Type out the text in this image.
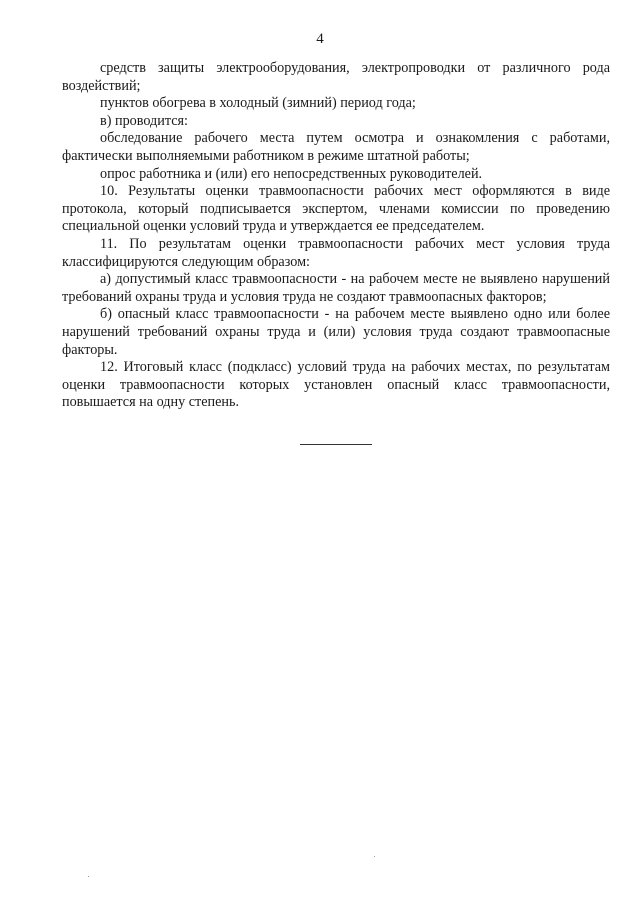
4

средств защиты электрооборудования, электропроводки от различного рода воздействий;

пунктов обогрева в холодный (зимний) период года;

в) проводится:

обследование рабочего места путем осмотра и ознакомления с работами, фактически выполняемыми работником в режиме штатной работы;

опрос работника и (или) его непосредственных руководителей.

10. Результаты оценки травмоопасности рабочих мест оформляются в виде протокола, который подписывается экспертом, членами комиссии по проведению специальной оценки условий труда и утверждается ее председателем.

11. По результатам оценки травмоопасности рабочих мест условия труда классифицируются следующим образом:

а) допустимый класс травмоопасности - на рабочем месте не выявлено нарушений требований охраны труда и условия труда не создают травмоопасных факторов;

б) опасный класс травмоопасности - на рабочем месте выявлено одно или более нарушений требований охраны труда и (или) условия труда создают травмоопасные факторы.

12. Итоговый класс (подкласс) условий труда на рабочих местах, по результатам оценки травмоопасности которых установлен опасный класс травмоопасности, повышается на одну степень.
